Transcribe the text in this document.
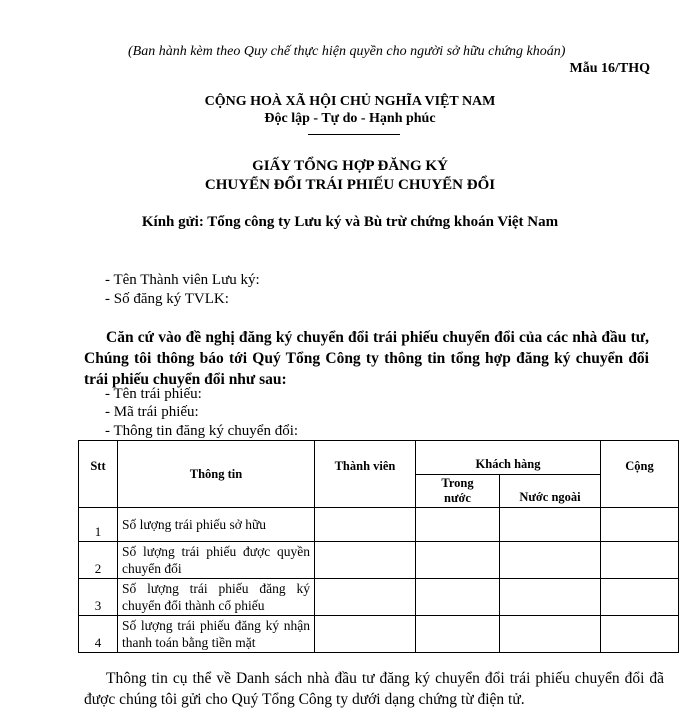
(Ban hành kèm theo Quy chế thực hiện quyền cho người sở hữu chứng khoán)
Mẫu 16/THQ
CỘNG HOÀ XÃ HỘI CHỦ NGHĨA VIỆT NAM
Độc lập - Tự do - Hạnh phúc
GIẤY TỔNG HỢP ĐĂNG KÝ
CHUYỂN ĐỔI TRÁI PHIẾU CHUYỂN ĐỔI
Kính gửi: Tổng công ty Lưu ký và Bù trừ chứng khoán Việt Nam
- Tên Thành viên Lưu ký:
- Số đăng ký TVLK:
Căn cứ vào đề nghị đăng ký chuyển đổi trái phiếu chuyển đổi của các nhà đầu tư, Chúng tôi thông báo tới Quý Tổng Công ty thông tin tổng hợp đăng ký chuyển đổi trái phiếu chuyển đổi như sau:
- Tên trái phiếu:
- Mã trái phiếu:
- Thông tin đăng ký chuyển đổi:
Stt	Thông tin	Thành viên	Khách hàng		Cộng
			Trong nước	Nước ngoài	
1	Số lượng trái phiếu sở hữu				
2	Số lượng trái phiếu được quyền chuyển đổi				
3	Số lượng trái phiếu đăng ký chuyển đổi thành cổ phiếu				
4	Số lượng trái phiếu đăng ký nhận thanh toán bằng tiền mặt				
Thông tin cụ thể về Danh sách nhà đầu tư đăng ký chuyển đổi trái phiếu chuyển đổi đã được chúng tôi gửi cho Quý Tổng Công ty dưới dạng chứng từ điện tử.
